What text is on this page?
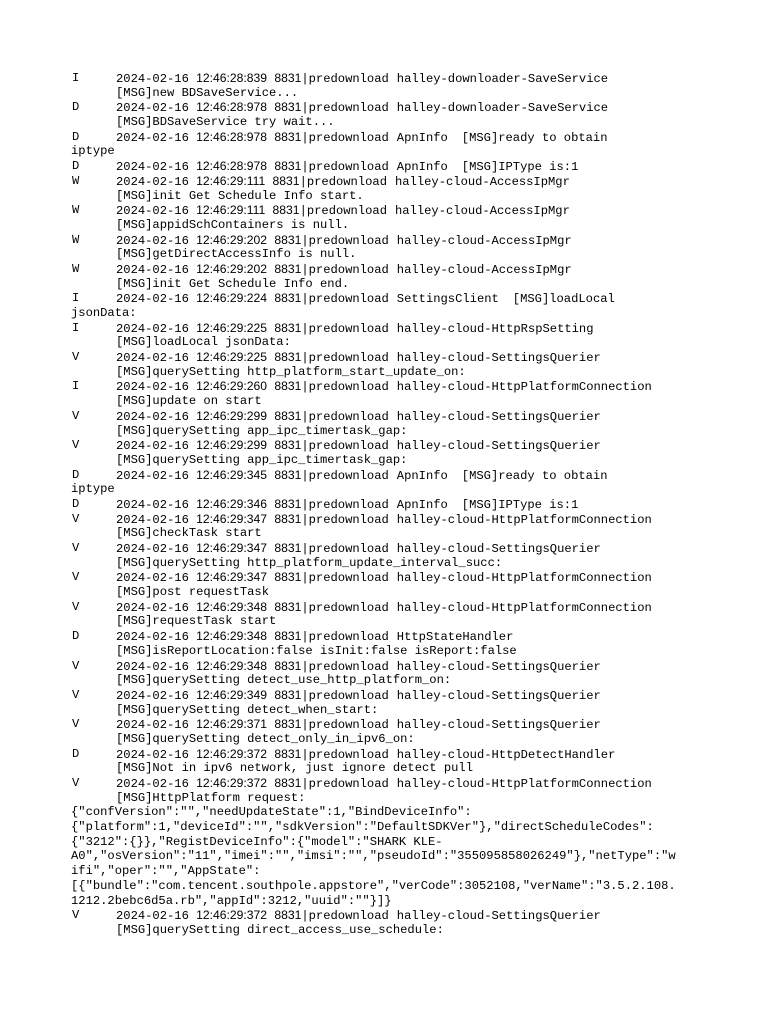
I	2024-02-16 12:46:28:839 8831|predownload halley-downloader-SaveService
[MSG]new BDSaveService...
D	2024-02-16 12:46:28:978 8831|predownload halley-downloader-SaveService
[MSG]BDSaveService try wait...
D	2024-02-16 12:46:28:978 8831|predownload ApnInfo [MSG]ready to obtain
iptype
D	2024-02-16 12:46:28:978 8831|predownload ApnInfo [MSG]IPType is:1
W	2024-02-16 12:46:29:111 8831|predownload halley-cloud-AccessIpMgr
[MSG]init Get Schedule Info start.
W	2024-02-16 12:46:29:111 8831|predownload halley-cloud-AccessIpMgr
[MSG]appidSchContainers is null.
W	2024-02-16 12:46:29:202 8831|predownload halley-cloud-AccessIpMgr
[MSG]getDirectAccessInfo is null.
W	2024-02-16 12:46:29:202 8831|predownload halley-cloud-AccessIpMgr
[MSG]init Get Schedule Info end.
I	2024-02-16 12:46:29:224 8831|predownload SettingsClient [MSG]loadLocal
jsonData:
I	2024-02-16 12:46:29:225 8831|predownload halley-cloud-HttpRspSetting
[MSG]loadLocal jsonData:
V	2024-02-16 12:46:29:225 8831|predownload halley-cloud-SettingsQuerier
[MSG]querySetting http_platform_start_update_on:
I	2024-02-16 12:46:29:260 8831|predownload halley-cloud-HttpPlatformConnection
[MSG]update on start
V	2024-02-16 12:46:29:299 8831|predownload halley-cloud-SettingsQuerier
[MSG]querySetting app_ipc_timertask_gap:
V	2024-02-16 12:46:29:299 8831|predownload halley-cloud-SettingsQuerier
[MSG]querySetting app_ipc_timertask_gap:
D	2024-02-16 12:46:29:345 8831|predownload ApnInfo [MSG]ready to obtain
iptype
D	2024-02-16 12:46:29:346 8831|predownload ApnInfo [MSG]IPType is:1
V	2024-02-16 12:46:29:347 8831|predownload halley-cloud-HttpPlatformConnection
[MSG]checkTask start
V	2024-02-16 12:46:29:347 8831|predownload halley-cloud-SettingsQuerier
[MSG]querySetting http_platform_update_interval_succ:
V	2024-02-16 12:46:29:347 8831|predownload halley-cloud-HttpPlatformConnection
[MSG]post requestTask
V	2024-02-16 12:46:29:348 8831|predownload halley-cloud-HttpPlatformConnection
[MSG]requestTask start
D	2024-02-16 12:46:29:348 8831|predownload HttpStateHandler
[MSG]isReportLocation:false isInit:false isReport:false
V	2024-02-16 12:46:29:348 8831|predownload halley-cloud-SettingsQuerier
[MSG]querySetting detect_use_http_platform_on:
V	2024-02-16 12:46:29:349 8831|predownload halley-cloud-SettingsQuerier
[MSG]querySetting detect_when_start:
V	2024-02-16 12:46:29:371 8831|predownload halley-cloud-SettingsQuerier
[MSG]querySetting detect_only_in_ipv6_on:
D	2024-02-16 12:46:29:372 8831|predownload halley-cloud-HttpDetectHandler
[MSG]Not in ipv6 network, just ignore detect pull
V	2024-02-16 12:46:29:372 8831|predownload halley-cloud-HttpPlatformConnection
[MSG]HttpPlatform request:
{"confVersion":"","needUpdateState":1,"BindDeviceInfo":
{"platform":1,"deviceId":"","sdkVersion":"DefaultSDKVer"},"directScheduleCodes":
{"3212":{}},"RegistDeviceInfo":{"model":"SHARK KLE-
A0","osVersion":"11","imei":"","imsi":"","pseudoId":"355095858026249"},"netType":"w
ifi","oper":"","AppState":
[{"bundle":"com.tencent.southpole.appstore","verCode":3052108,"verName":"3.5.2.108.
1212.2bebc6d5a.rb","appId":3212,"uuid":""}]}
V	2024-02-16 12:46:29:372 8831|predownload halley-cloud-SettingsQuerier
[MSG]querySetting direct_access_use_schedule:
